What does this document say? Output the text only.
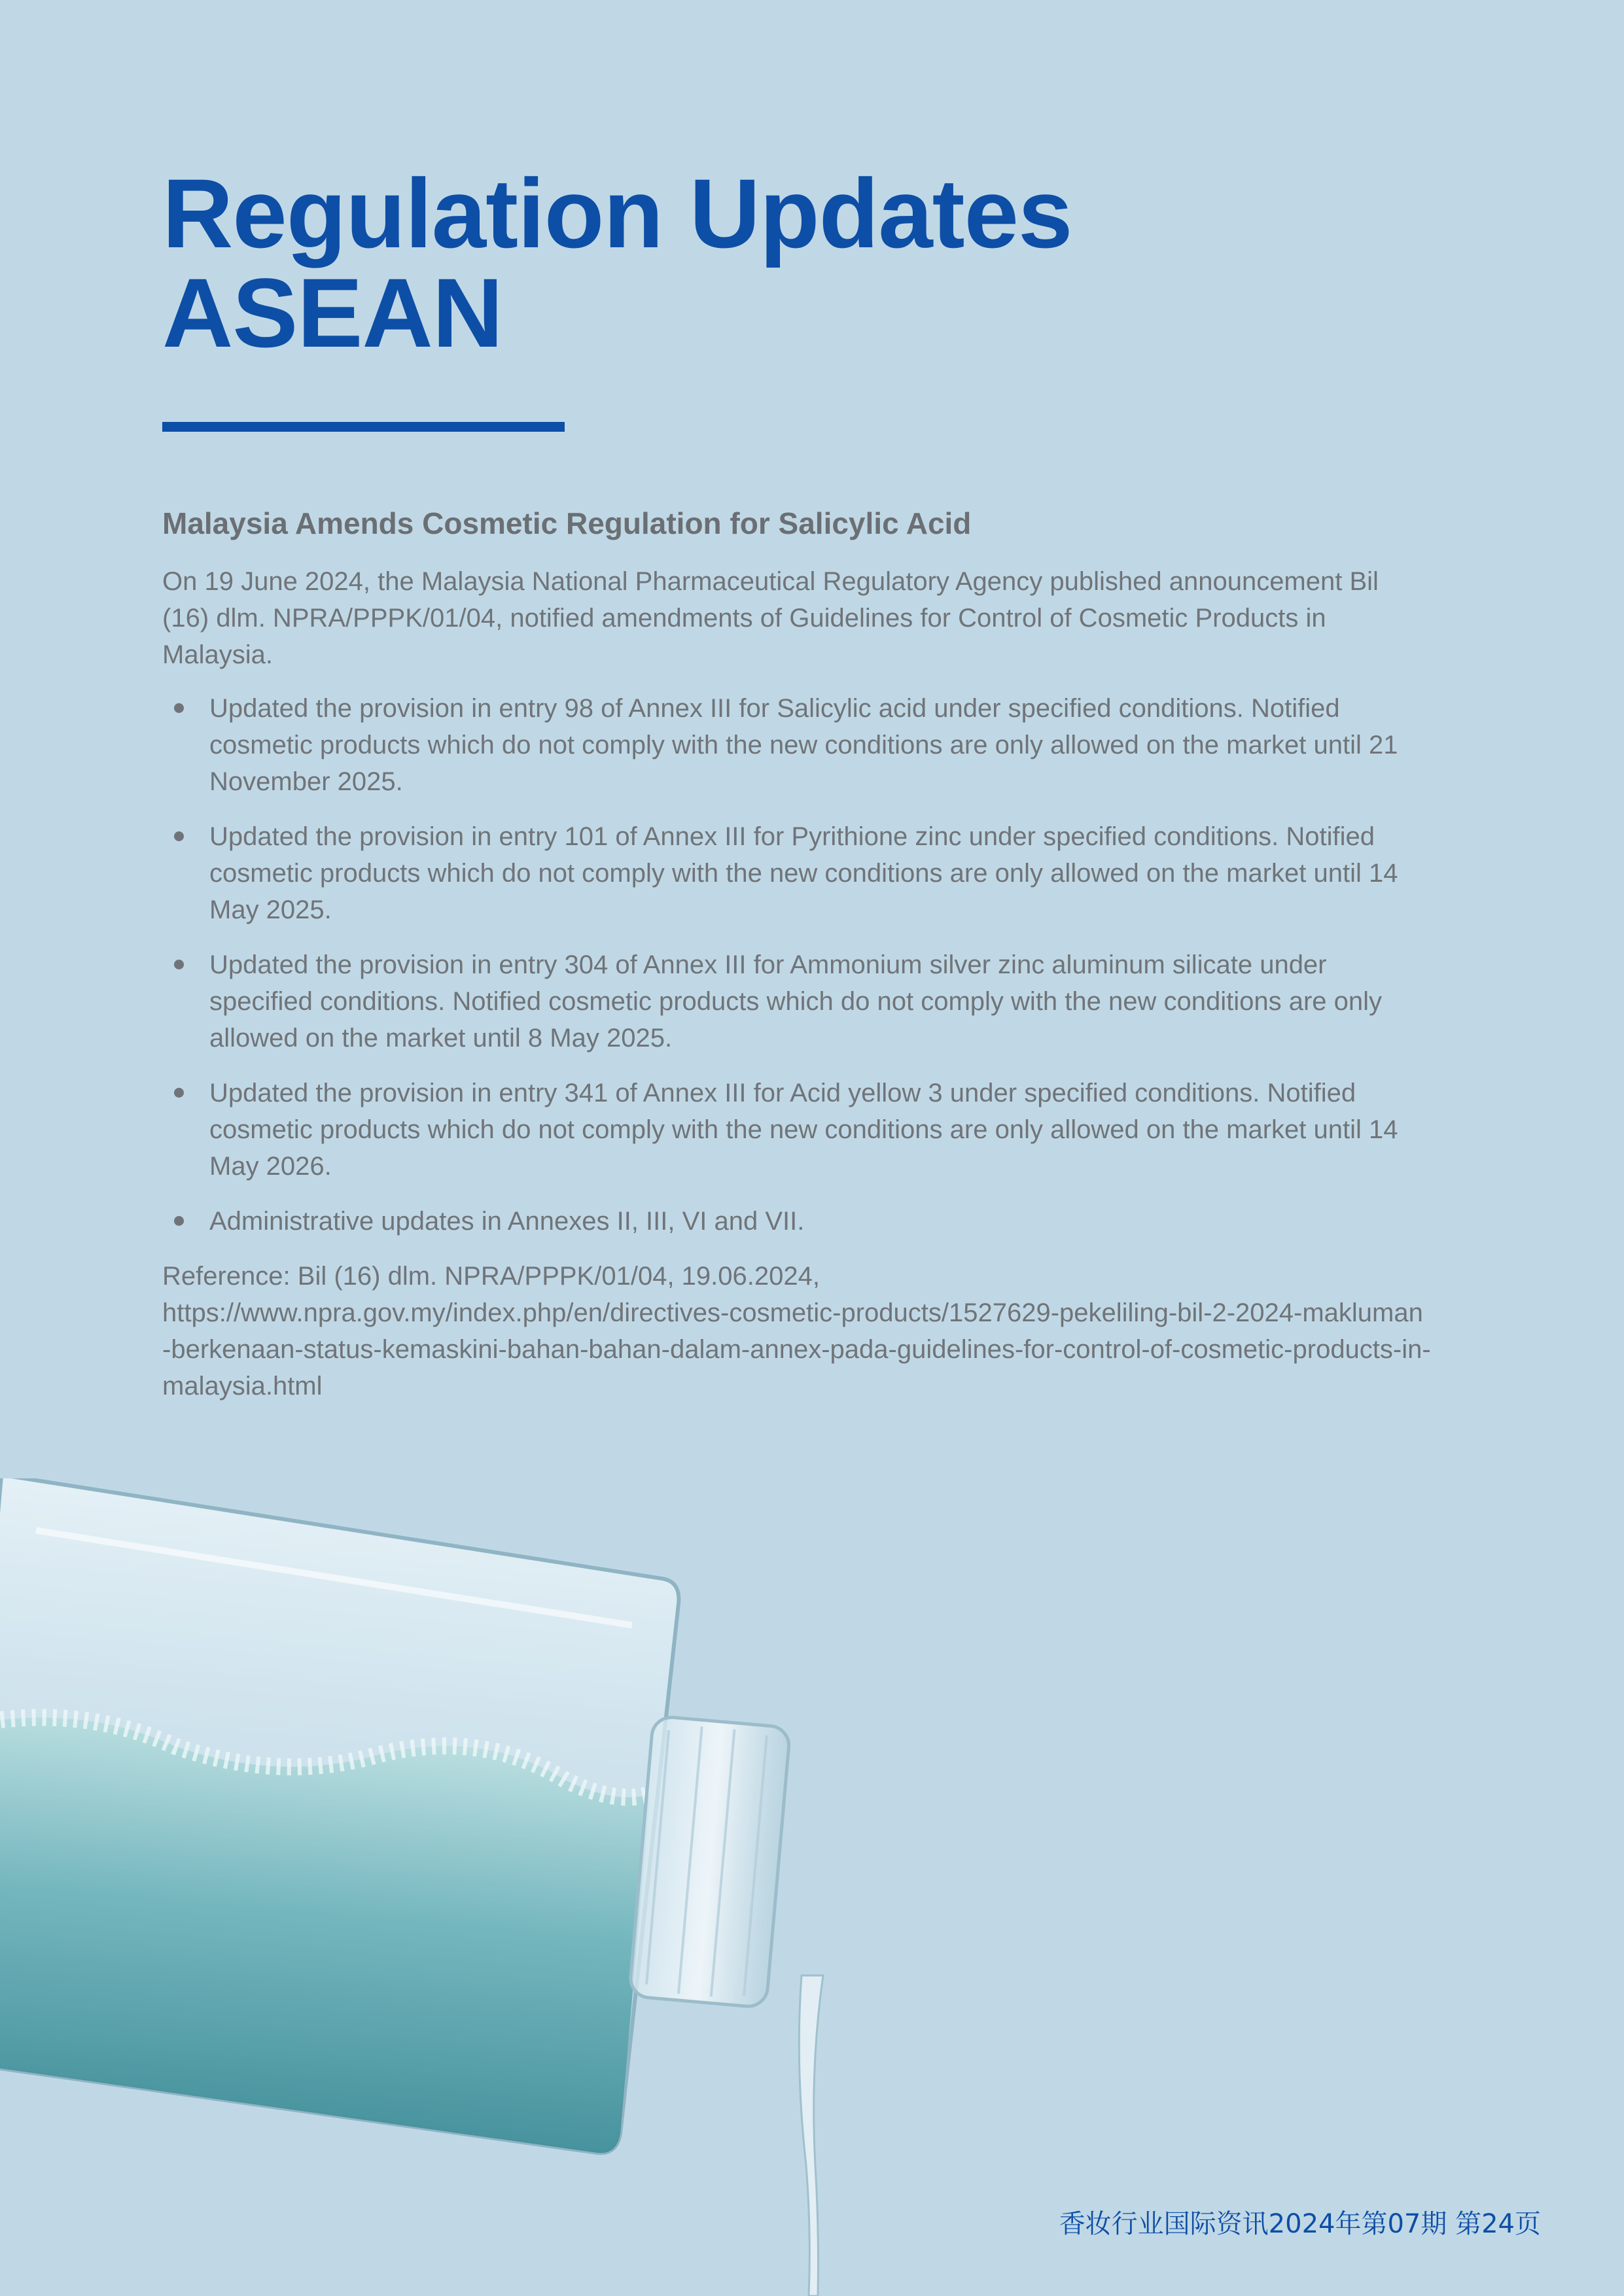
Regulation Updates
ASEAN
Malaysia Amends Cosmetic Regulation for Salicylic Acid

On 19 June 2024, the Malaysia National Pharmaceutical Regulatory Agency published announcement Bil (16) dlm. NPRA/PPPK/01/04, notified amendments of Guidelines for Control of Cosmetic Products in Malaysia.

Updated the provision in entry 98 of Annex III for Salicylic acid under specified conditions. Notified cosmetic products which do not comply with the new conditions are only allowed on the market until 21 November 2025.
Updated the provision in entry 101 of Annex III for Pyrithione zinc under specified conditions. Notified cosmetic products which do not comply with the new conditions are only allowed on the market until 14 May 2025.
Updated the provision in entry 304 of Annex III for Ammonium silver zinc aluminum silicate under specified conditions. Notified cosmetic products which do not comply with the new conditions are only allowed on the market until 8 May 2025.
Updated the provision in entry 341 of Annex III for Acid yellow 3 under specified conditions. Notified cosmetic products which do not comply with the new conditions are only allowed on the market until 14 May 2026.
Administrative updates in Annexes II, III, VI and VII.

Reference: Bil (16) dlm. NPRA/PPPK/01/04, 19.06.2024,
https://www.npra.gov.my/index.php/en/directives-cosmetic-products/1527629-pekeliling-bil-2-2024-makluman-berkenaan-status-kemaskini-bahan-bahan-dalam-annex-pada-guidelines-for-control-of-cosmetic-products-in-malaysia.html

香妆行业国际资讯2024年第07期 第24页
